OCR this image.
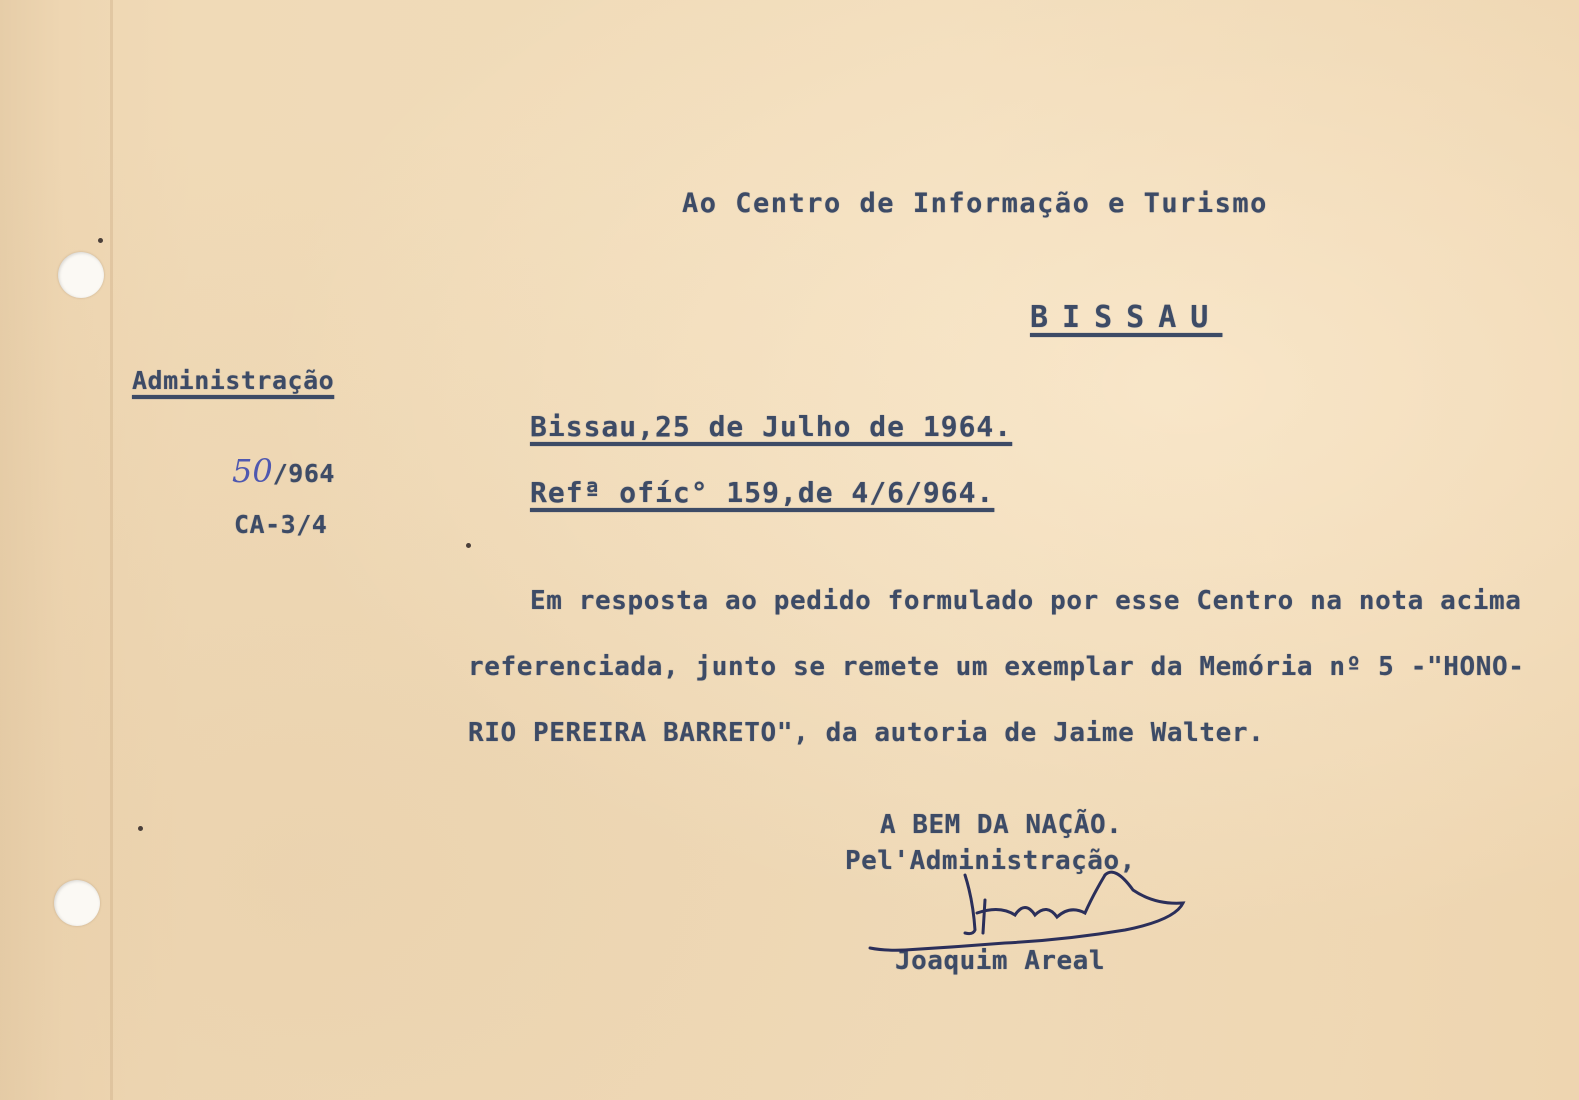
Ao Centro de Informação e Turismo
BISSAU
Administração
50/964
CA-3/4
Bissau,25 de Julho de 1964.
Refª ofíc° 159,de 4/6/964.
Em resposta ao pedido formulado por esse Centro na nota acima
referenciada, junto se remete um exemplar da Memória nº 5 -"HONO-
RIO PEREIRA BARRETO", da autoria de Jaime Walter.
A BEM DA NAÇÃO.
Pel'Administração,
Joaquim Areal
